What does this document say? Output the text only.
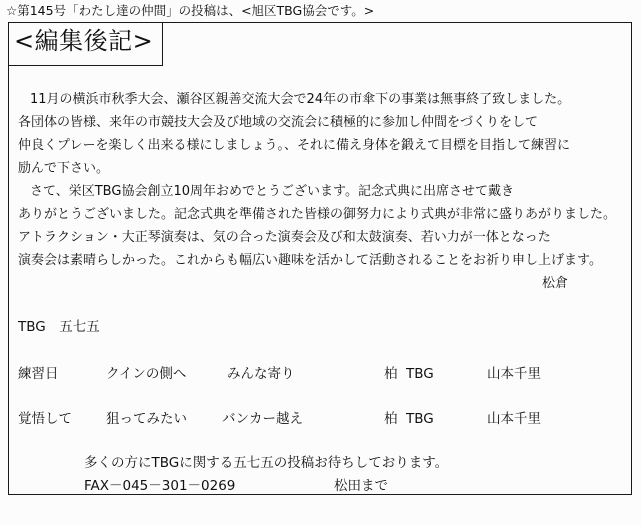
☆第145号「わたし達の仲間」の投稿は、<旭区TBG協会です。>
<編集後記>
11月の横浜市秋季大会、瀬谷区親善交流大会で24年の市傘下の事業は無事終了致しました。
各団体の皆様、来年の市競技大会及び地域の交流会に積極的に参加し仲間をづくりをして
仲良くプレーを楽しく出来る様にしましょう。、それに備え身体を鍛えて目標を目指して練習に
励んで下さい。
さて、栄区TBG協会創立10周年おめでとうございます。記念式典に出席させて戴き
ありがとうございました。記念式典を準備された皆様の御努力により式典が非常に盛りあがりました。
アトラクション・大正琴演奏は、気の合った演奏会及び和太鼓演奏、若い力が一体となった
演奏会は素晴らしかった。これからも幅広い趣味を活かして活動されることをお祈り申し上げます。
松倉
TBG　五七五
練習日	クインの側へ	みんな寄り	柏 TBG	山本千里
覚悟して	狙ってみたい	バンカー越え	柏 TBG	山本千里
多くの方にTBGに関する五七五の投稿お待ちしております。
FAX－045－301－0269	松田まで
